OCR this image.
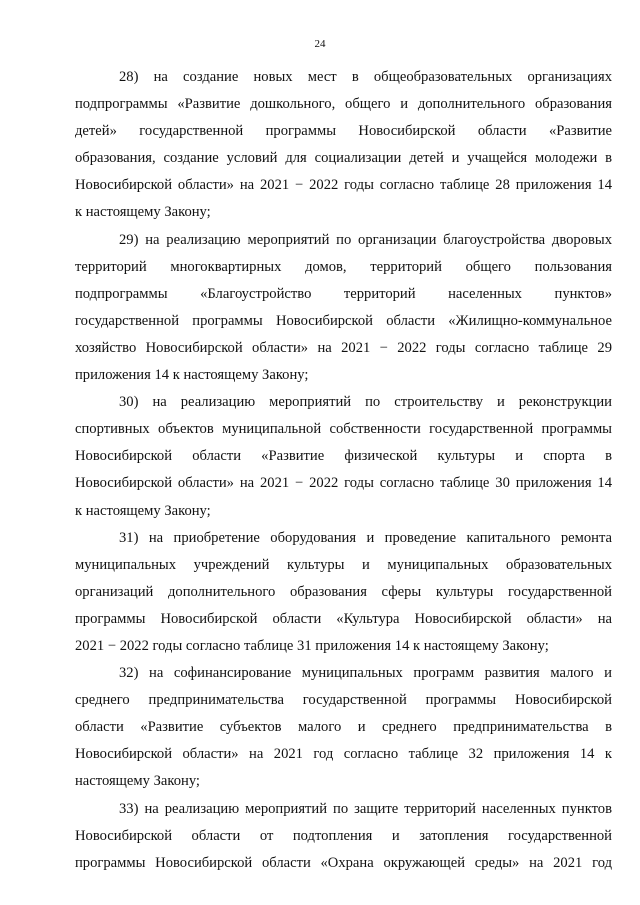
24
28) на создание новых мест в общеобразовательных организациях
подпрограммы «Развитие дошкольного, общего и дополнительного образования
детей» государственной программы Новосибирской области «Развитие
образования, создание условий для социализации детей и учащейся молодежи в
Новосибирской области» на 2021 − 2022 годы согласно таблице 28 приложения 14
к настоящему Закону;
29) на реализацию мероприятий по организации благоустройства дворовых
территорий многоквартирных домов, территорий общего пользования
подпрограммы «Благоустройство территорий населенных пунктов»
государственной программы Новосибирской области «Жилищно-коммунальное
хозяйство Новосибирской области» на 2021 − 2022 годы согласно таблице 29
приложения 14 к настоящему Закону;
30) на реализацию мероприятий по строительству и реконструкции
спортивных объектов муниципальной собственности государственной программы
Новосибирской области «Развитие физической культуры и спорта в
Новосибирской области» на 2021 − 2022 годы согласно таблице 30 приложения 14
к настоящему Закону;
31) на приобретение оборудования и проведение капитального ремонта
муниципальных учреждений культуры и муниципальных образовательных
организаций дополнительного образования сферы культуры государственной
программы Новосибирской области «Культура Новосибирской области» на
2021 − 2022 годы согласно таблице 31 приложения 14 к настоящему Закону;
32) на софинансирование муниципальных программ развития малого и
среднего предпринимательства государственной программы Новосибирской
области «Развитие субъектов малого и среднего предпринимательства в
Новосибирской области» на 2021 год согласно таблице 32 приложения 14 к
настоящему Закону;
33) на реализацию мероприятий по защите территорий населенных пунктов
Новосибирской области от подтопления и затопления государственной
программы Новосибирской области «Охрана окружающей среды» на 2021 год
